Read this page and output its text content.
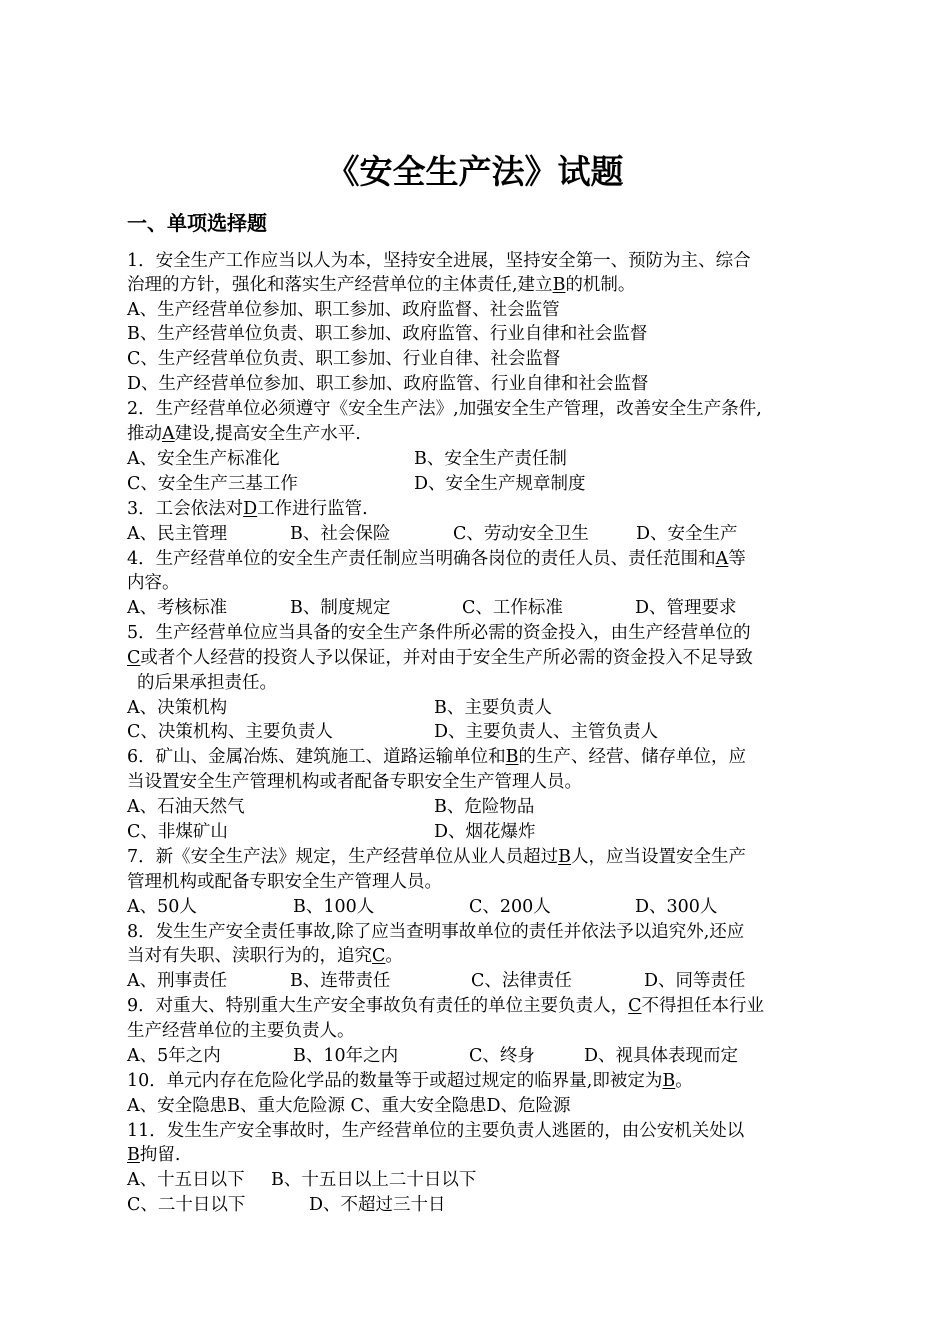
《安全生产法》试题
一、单项选择题
1．安全生产工作应当以人为本，坚持安全进展，坚持安全第一、预防为主、综合
治理的方针，强化和落实生产经营单位的主体责任,建立B的机制。
A、生产经营单位参加、职工参加、政府监督、社会监管
B、生产经营单位负责、职工参加、政府监管、行业自律和社会监督
C、生产经营单位负责、职工参加、行业自律、社会监督
D、生产经营单位参加、职工参加、政府监管、行业自律和社会监督
2．生产经营单位必须遵守《安全生产法》,加强安全生产管理，改善安全生产条件,
推动A建设,提高安全生产水平.
A、安全生产标准化	B、安全生产责任制
C、安全生产三基工作	D、安全生产规章制度
3．工会依法对D工作进行监管.
A、民主管理	B、社会保险	C、劳动安全卫生	D、安全生产
4．生产经营单位的安全生产责任制应当明确各岗位的责任人员、责任范围和A等
内容。
A、考核标准	B、制度规定	C、工作标准	D、管理要求
5．生产经营单位应当具备的安全生产条件所必需的资金投入，由生产经营单位的
C或者个人经营的投资人予以保证，并对由于安全生产所必需的资金投入不足导致
的后果承担责任。
A、决策机构	B、主要负责人
C、决策机构、主要负责人	D、主要负责人、主管负责人
6．矿山、金属冶炼、建筑施工、道路运输单位和B的生产、经营、储存单位，应
当设置安全生产管理机构或者配备专职安全生产管理人员。
A、石油天然气	B、危险物品
C、非煤矿山	D、烟花爆炸
7．新《安全生产法》规定，生产经营单位从业人员超过B人，应当设置安全生产
管理机构或配备专职安全生产管理人员。
A、50人	B、100人	C、200人	D、300人
8．发生生产安全责任事故,除了应当查明事故单位的责任并依法予以追究外,还应
当对有失职、渎职行为的，追究C。
A、刑事责任	B、连带责任	C、法律责任	D、同等责任
9．对重大、特别重大生产安全事故负有责任的单位主要负责人，C不得担任本行业
生产经营单位的主要负责人。
A、5年之内	B、10年之内	C、终身	D、视具体表现而定
10．单元内存在危险化学品的数量等于或超过规定的临界量,即被定为B。
A、安全隐患B、重大危险源 C、重大安全隐患D、危险源
11．发生生产安全事故时，生产经营单位的主要负责人逃匿的，由公安机关处以
B拘留.
A、十五日以下 B、十五日以上二十日以下
C、二十日以下	D、不超过三十日
